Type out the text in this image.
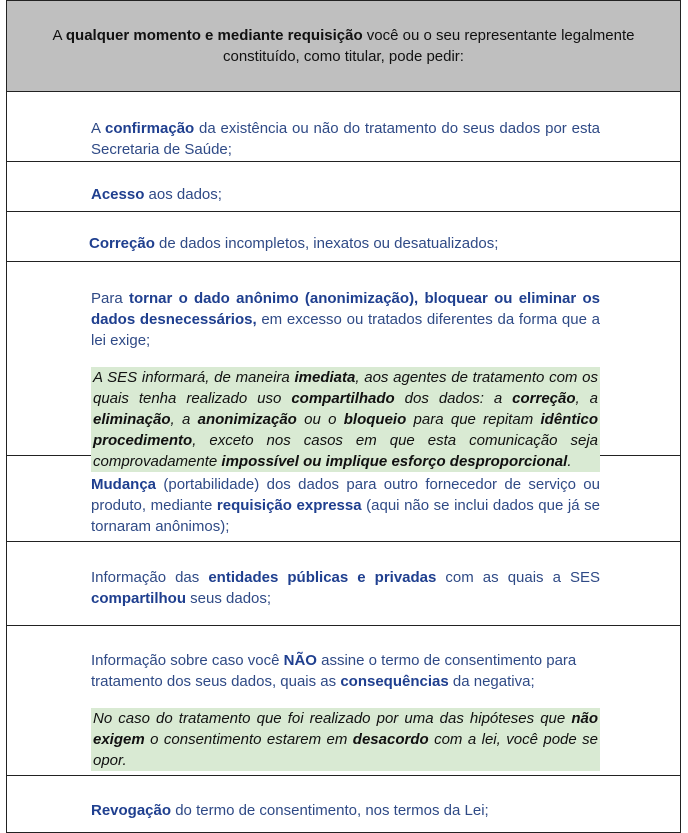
A qualquer momento e mediante requisição você ou o seu representante legalmente constituído, como titular, pode pedir:

A confirmação da existência ou não do tratamento do seus dados por esta Secretaria de Saúde;

Acesso aos dados;

Correção de dados incompletos, inexatos ou desatualizados;

Para tornar o dado anônimo (anonimização), bloquear ou eliminar os dados desnecessários, em excesso ou tratados diferentes da forma que a lei exige;

A SES informará, de maneira imediata, aos agentes de tratamento com os quais tenha realizado uso compartilhado dos dados: a correção, a eliminação, a anonimização ou o bloqueio para que repitam idêntico procedimento, exceto nos casos em que esta comunicação seja comprovadamente impossível ou implique esforço desproporcional.

Mudança (portabilidade) dos dados para outro fornecedor de serviço ou produto, mediante requisição expressa (aqui não se inclui dados que já se tornaram anônimos);

Informação das entidades públicas e privadas com as quais a SES compartilhou seus dados;

Informação sobre caso você NÃO assine o termo de consentimento para tratamento dos seus dados, quais as consequências da negativa;

No caso do tratamento que foi realizado por uma das hipóteses que não exigem o consentimento estarem em desacordo com a lei, você pode se opor.

Revogação do termo de consentimento, nos termos da Lei;
